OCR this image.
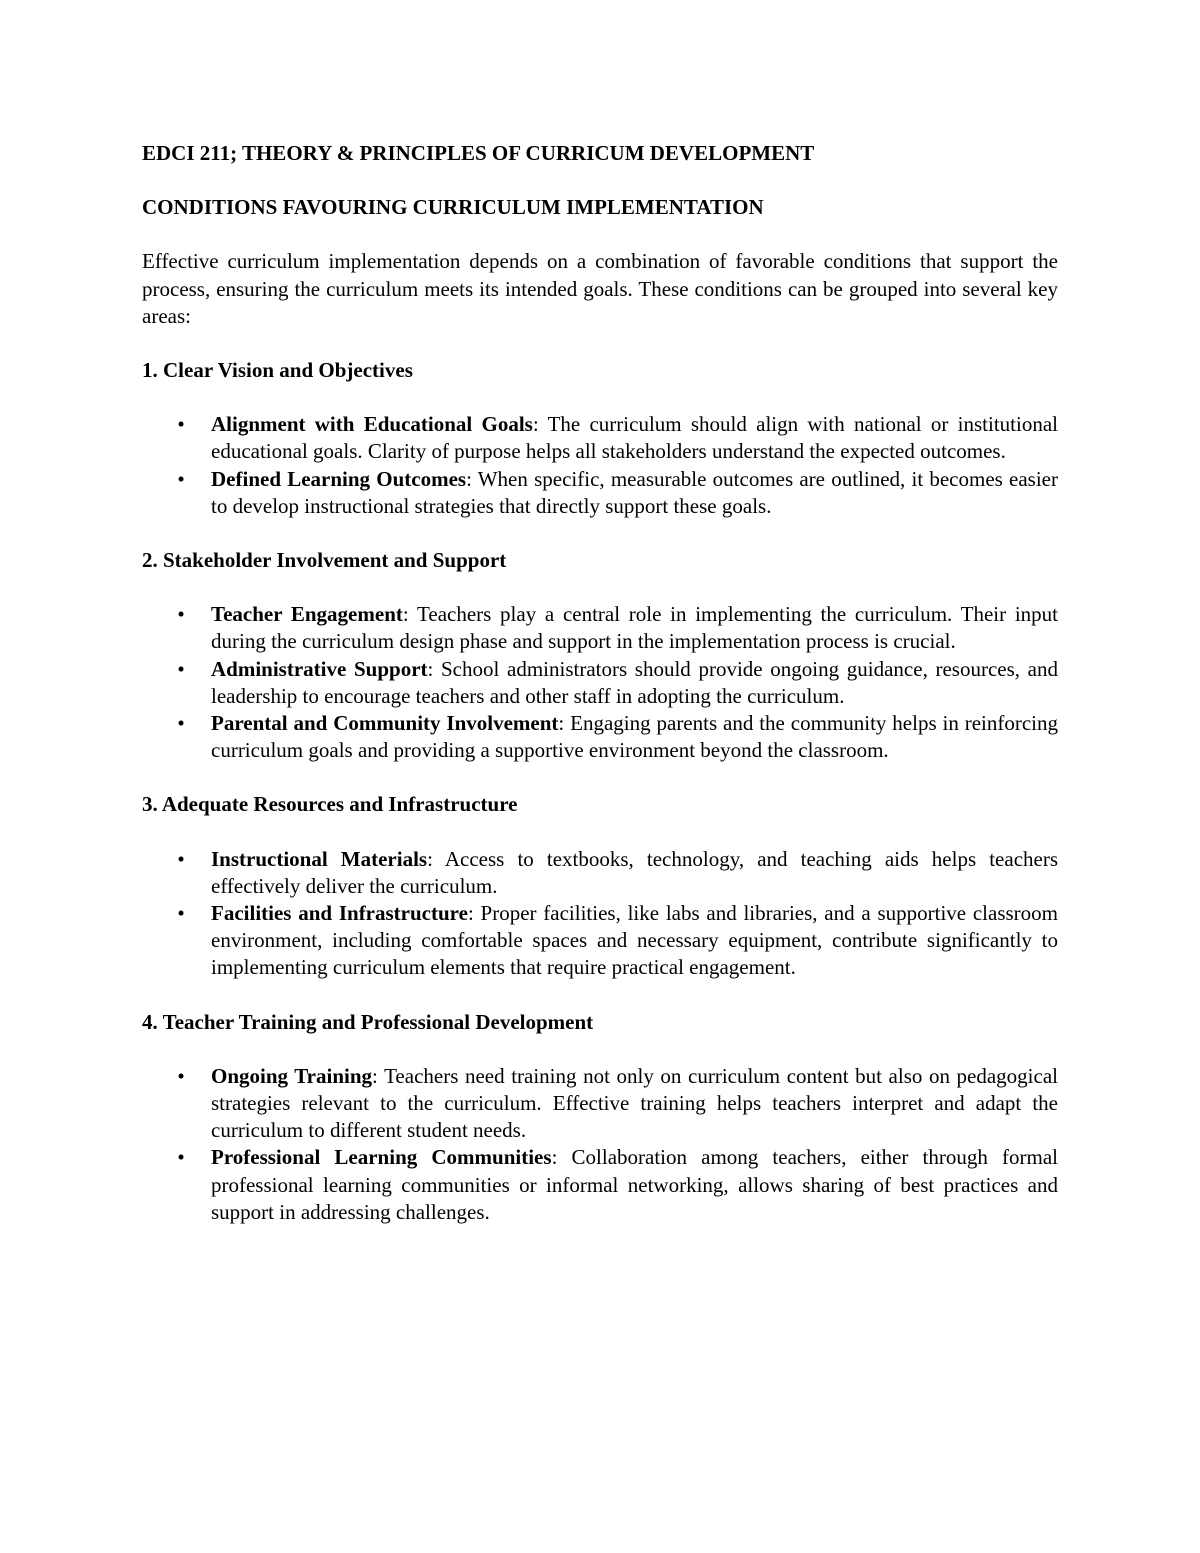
EDCI 211; THEORY & PRINCIPLES OF CURRICUM DEVELOPMENT

CONDITIONS FAVOURING CURRICULUM IMPLEMENTATION

Effective curriculum implementation depends on a combination of favorable conditions that support the process, ensuring the curriculum meets its intended goals. These conditions can be grouped into several key areas:

1. Clear Vision and Objectives

• Alignment with Educational Goals: The curriculum should align with national or institutional educational goals. Clarity of purpose helps all stakeholders understand the expected outcomes.
• Defined Learning Outcomes: When specific, measurable outcomes are outlined, it becomes easier to develop instructional strategies that directly support these goals.

2. Stakeholder Involvement and Support

• Teacher Engagement: Teachers play a central role in implementing the curriculum. Their input during the curriculum design phase and support in the implementation process is crucial.
• Administrative Support: School administrators should provide ongoing guidance, resources, and leadership to encourage teachers and other staff in adopting the curriculum.
• Parental and Community Involvement: Engaging parents and the community helps in reinforcing curriculum goals and providing a supportive environment beyond the classroom.

3. Adequate Resources and Infrastructure

• Instructional Materials: Access to textbooks, technology, and teaching aids helps teachers effectively deliver the curriculum.
• Facilities and Infrastructure: Proper facilities, like labs and libraries, and a supportive classroom environment, including comfortable spaces and necessary equipment, contribute significantly to implementing curriculum elements that require practical engagement.

4. Teacher Training and Professional Development

• Ongoing Training: Teachers need training not only on curriculum content but also on pedagogical strategies relevant to the curriculum. Effective training helps teachers interpret and adapt the curriculum to different student needs.
• Professional Learning Communities: Collaboration among teachers, either through formal professional learning communities or informal networking, allows sharing of best practices and support in addressing challenges.
